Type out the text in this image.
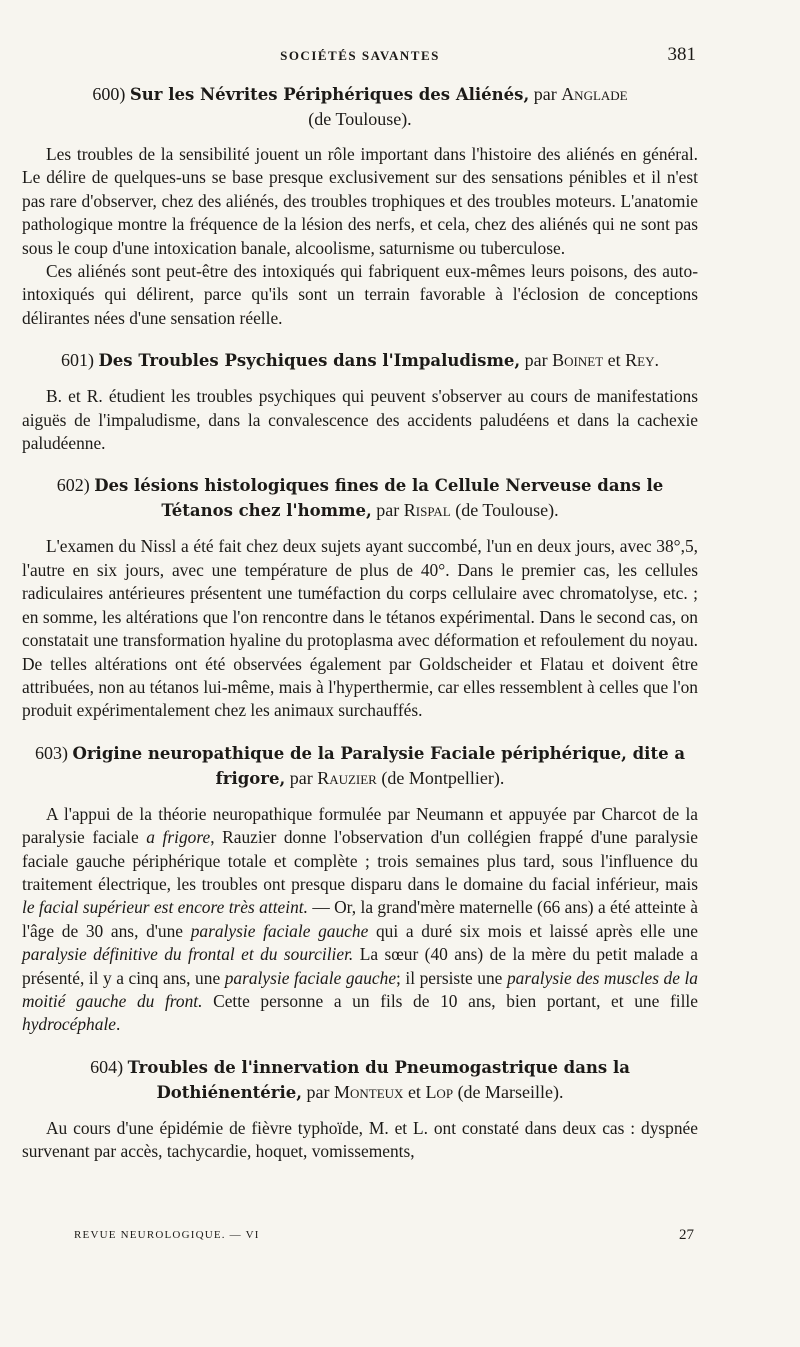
SOCIÉTÉS SAVANTES	381
600) Sur les Névrites Périphériques des Aliénés, par Anglade
(de Toulouse).

Les troubles de la sensibilité jouent un rôle important dans l'histoire des aliénés en général. Le délire de quelques-uns se base presque exclusivement sur des sensations pénibles et il n'est pas rare d'observer, chez des aliénés, des troubles trophiques et des troubles moteurs. L'anatomie pathologique montre la fréquence de la lésion des nerfs, et cela, chez des aliénés qui ne sont pas sous le coup d'une intoxication banale, alcoolisme, saturnisme ou tuberculose.

Ces aliénés sont peut-être des intoxiqués qui fabriquent eux-mêmes leurs poisons, des auto-intoxiqués qui délirent, parce qu'ils sont un terrain favorable à l'éclosion de conceptions délirantes nées d'une sensation réelle.

601) Des Troubles Psychiques dans l'Impaludisme, par Boinet et Rey.

B. et R. étudient les troubles psychiques qui peuvent s'observer au cours de manifestations aiguës de l'impaludisme, dans la convalescence des accidents paludéens et dans la cachexie paludéenne.

602) Des lésions histologiques fines de la Cellule Nerveuse dans le Tétanos chez l'homme, par Rispal (de Toulouse).

L'examen du Nissl a été fait chez deux sujets ayant succombé, l'un en deux jours, avec 38°,5, l'autre en six jours, avec une température de plus de 40°. Dans le premier cas, les cellules radiculaires antérieures présentent une tuméfaction du corps cellulaire avec chromatolyse, etc. ; en somme, les altérations que l'on rencontre dans le tétanos expérimental. Dans le second cas, on constatait une transformation hyaline du protoplasma avec déformation et refoulement du noyau. De telles altérations ont été observées également par Goldscheider et Flatau et doivent être attribuées, non au tétanos lui-même, mais à l'hyperthermie, car elles ressemblent à celles que l'on produit expérimentalement chez les animaux surchauffés.

603) Origine neuropathique de la Paralysie Faciale périphérique, dite a frigore, par Rauzier (de Montpellier).

A l'appui de la théorie neuropathique formulée par Neumann et appuyée par Charcot de la paralysie faciale a frigore, Rauzier donne l'observation d'un collégien frappé d'une paralysie faciale gauche périphérique totale et complète ; trois semaines plus tard, sous l'influence du traitement électrique, les troubles ont presque disparu dans le domaine du facial inférieur, mais le facial supérieur est encore très atteint. — Or, la grand'mère maternelle (66 ans) a été atteinte à l'âge de 30 ans, d'une paralysie faciale gauche qui a duré six mois et laissé après elle une paralysie définitive du frontal et du sourcilier. La sœur (40 ans) de la mère du petit malade a présenté, il y a cinq ans, une paralysie faciale gauche; il persiste une paralysie des muscles de la moitié gauche du front. Cette personne a un fils de 10 ans, bien portant, et une fille hydrocéphale.

604) Troubles de l'innervation du Pneumogastrique dans la Dothiénentérie, par Monteux et Lop (de Marseille).

Au cours d'une épidémie de fièvre typhoïde, M. et L. ont constaté dans deux cas : dyspnée survenant par accès, tachycardie, hoquet, vomissements,

REVUE NEUROLOGIQUE. — VI	27
